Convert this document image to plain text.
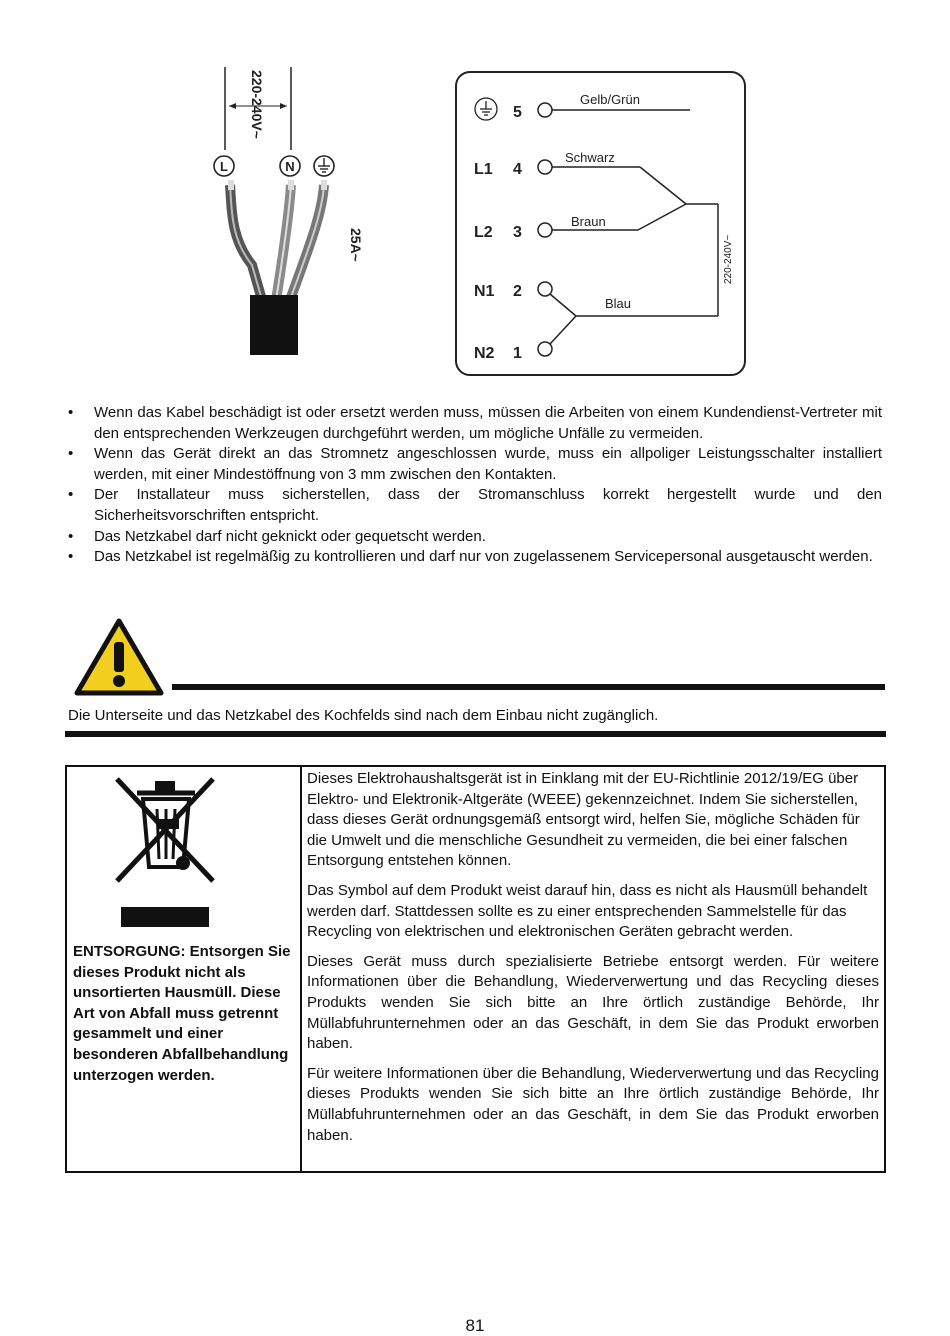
L	N
220-240V~
25A~
L1
L2
N1
N2
5
4
3
2
1
Gelb/Grün
Schwarz
Braun
Blau
220-240V~
• Wenn das Kabel beschädigt ist oder ersetzt werden muss, müssen die Arbeiten von einem Kundendienst-Vertreter mit den entsprechenden Werkzeugen durchgeführt werden, um mögliche Unfälle zu vermeiden.
• Wenn das Gerät direkt an das Stromnetz angeschlossen wurde, muss ein allpoliger Leistungsschalter installiert werden, mit einer Mindestöffnung von 3 mm zwischen den Kontakten.
• Der Installateur muss sicherstellen, dass der Stromanschluss korrekt hergestellt wurde und den Sicherheitsvorschriften entspricht.
• Das Netzkabel darf nicht geknickt oder gequetscht werden.
• Das Netzkabel ist regelmäßig zu kontrollieren und darf nur von zugelassenem Servicepersonal ausgetauscht werden.
Die Unterseite und das Netzkabel des Kochfelds sind nach dem Einbau nicht zugänglich.
ENTSORGUNG: Entsorgen Sie dieses Produkt nicht als unsortierten Hausmüll. Diese Art von Abfall muss getrennt gesammelt und einer besonderen Abfallbehandlung unterzogen werden.

Dieses Elektrohaushaltsgerät ist in Einklang mit der EU-Richtlinie 2012/19/EG über Elektro- und Elektronik-Altgeräte (WEEE) gekennzeichnet. Indem Sie sicherstellen, dass dieses Gerät ordnungsgemäß entsorgt wird, helfen Sie, mögliche Schäden für die Umwelt und die menschliche Gesundheit zu vermeiden, die bei einer falschen Entsorgung entstehen können.

Das Symbol auf dem Produkt weist darauf hin, dass es nicht als Hausmüll behandelt werden darf. Stattdessen sollte es zu einer entsprechenden Sammelstelle für das Recycling von elektrischen und elektronischen Geräten gebracht werden.

Dieses Gerät muss durch spezialisierte Betriebe entsorgt werden. Für weitere Informationen über die Behandlung, Wiederverwertung und das Recycling dieses Produkts wenden Sie sich bitte an Ihre örtlich zuständige Behörde, Ihr Müllabfuhrunternehmen oder an das Geschäft, in dem Sie das Produkt erworben haben.

Für weitere Informationen über die Behandlung, Wiederverwertung und das Recycling dieses Produkts wenden Sie sich bitte an Ihre örtlich zuständige Behörde, Ihr Müllabfuhrunternehmen oder an das Geschäft, in dem Sie das Produkt erworben haben.

81
